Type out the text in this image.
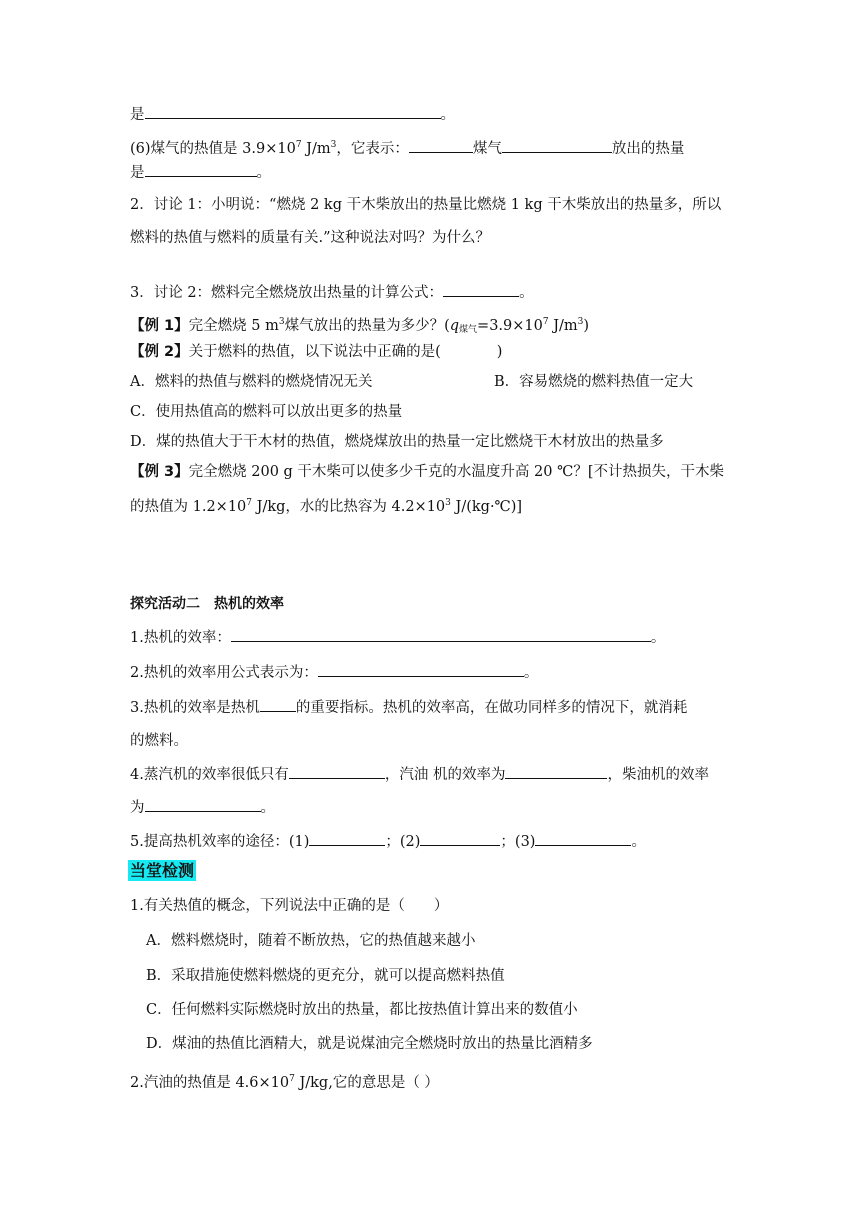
是	。
(6)煤气的热值是 $3.9\times 10^7$ $J/m^3$，它表示：	煤气	放出的热量
是	。
2．讨论 1：小明说：“燃烧 2 kg 干木柴放出的热量比燃烧 1 kg 干木柴放出的热量多，所以
燃料的热值与燃料的质量有关.”这种说法对吗？为什么？
3．讨论 2：燃料完全燃烧放出热量的计算公式：	。
【例 1】完全燃烧 5 $m^3$煤气放出的热量为多少？($q_{煤气}=3.9\times 10^7$ $J/m^3$)
【例 2】关于燃料的热值，以下说法中正确的是(	)
A．燃料的热值与燃料的燃烧情况无关	B．容易燃烧的燃料热值一定大
C．使用热值高的燃料可以放出更多的热量
D．煤的热值大于干木材的热值，燃烧煤放出的热量一定比燃烧干木材放出的热量多
【例 3】完全燃烧 200 g 干木柴可以使多少千克的水温度升高 20 ℃？[不计热损失，干木柴
的热值为 $1.2\times 10^7$ J/kg，水的比热容为 $4.2\times 10^3$ J/(kg·℃)]
探究活动二　热机的效率
1.热机的效率：	。
2.热机的效率用公式表示为：	。
3.热机的效率是热机 的重要指标。热机的效率高，在做功同样多的情况下，就消耗
的燃料。
4.蒸汽机的效率很低只有	，汽油 机的效率为	，柴油机的效率
为	。
5.提高热机效率的途径：(1)	；(2)	；(3)	。
当堂检测
1.有关热值的概念，下列说法中正确的是（　　）
A．燃料燃烧时，随着不断放热，它的热值越来越小
B．采取措施使燃料燃烧的更充分，就可以提高燃料热值
C．任何燃料实际燃烧时放出的热量，都比按热值计算出来的数值小
D．煤油的热值比酒精大，就是说煤油完全燃烧时放出的热量比酒精多
2.汽油的热值是 $4.6\times 10^7$ J/kg,它的意思是（ ）
